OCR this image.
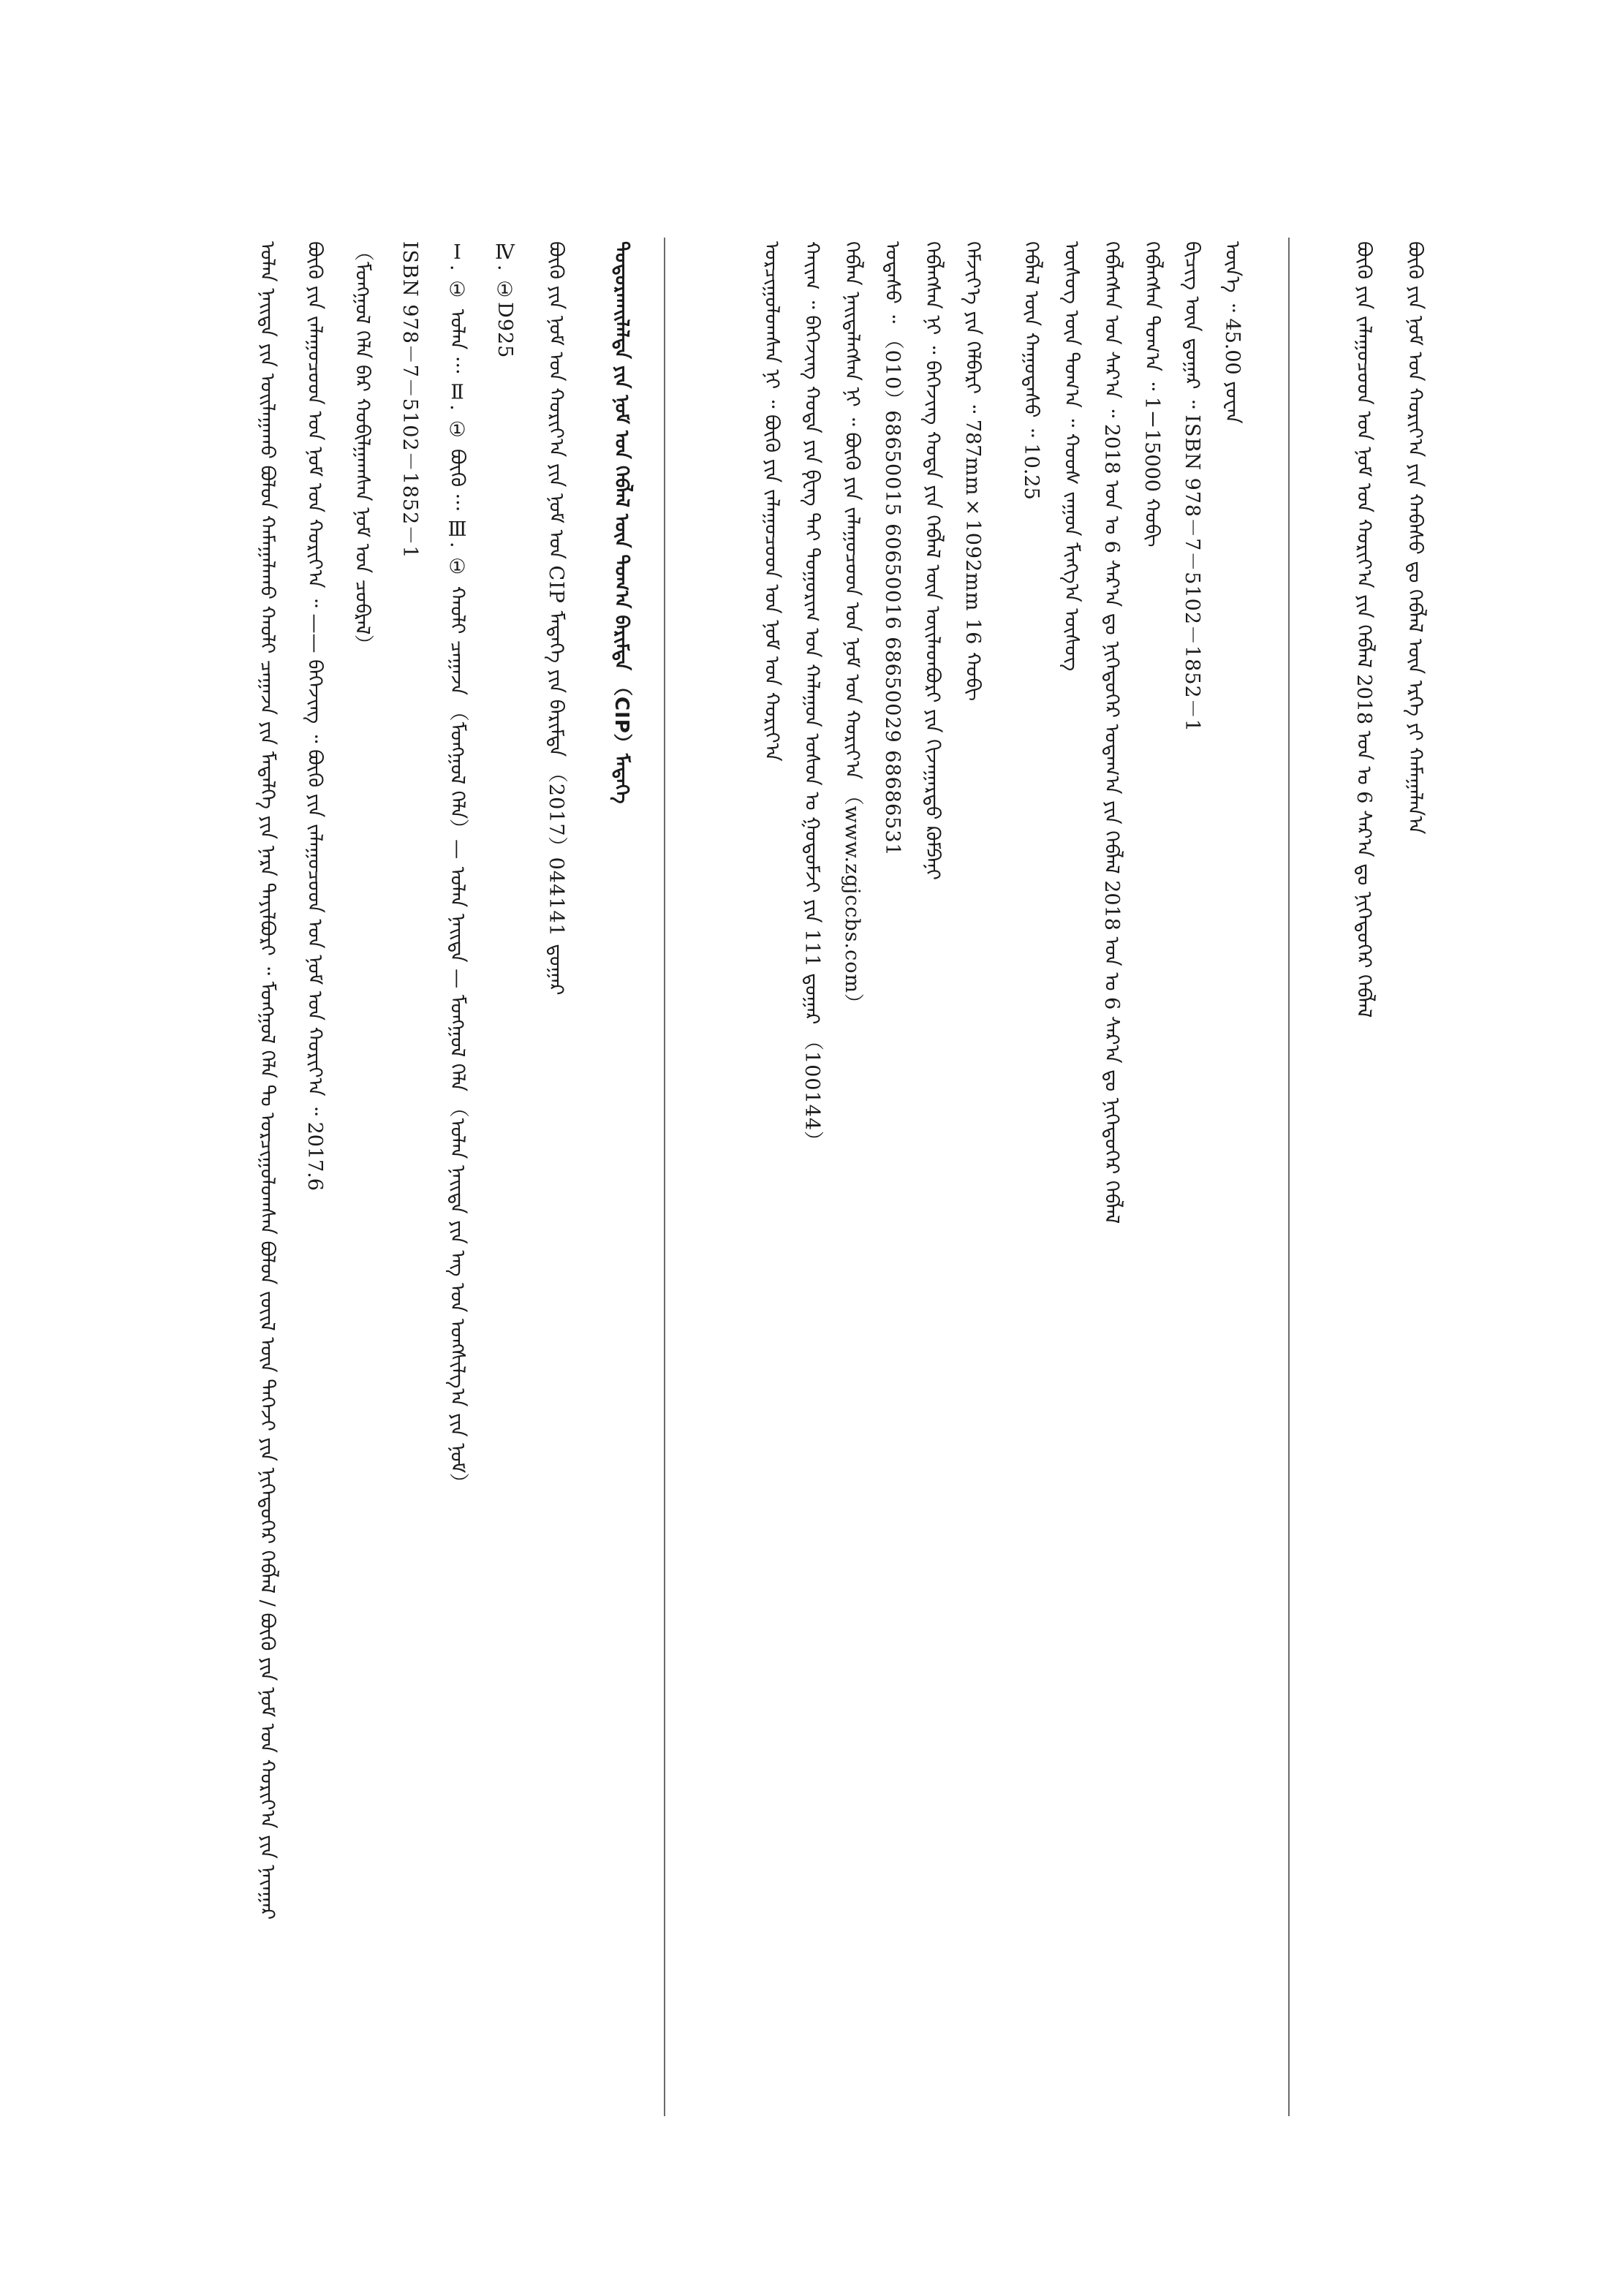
ᠪᠦᠬᠦ ᠶᠢᠨ ᠨᠣᠮ ᠤᠨ ᠬᠣᠷᠢᠶ᠎ᠠ ᠶᠢᠨ ᠬᠠᠪᠠᠰᠤ ᠳᠤ ᠬᠡᠪᠯᠡᠯ ᠦᠨ ᠡᠷᠬᠡ ᠶᠢ ᠬᠠᠮᠠᠭᠠᠯᠠᠨ᠎ᠠ
ᠪᠦᠬᠦ ᠶᠢᠨ ᠵᠠᠯᠠᠭᠤᠴᠤᠳ ᠤᠨ ᠨᠣᠮ ᠤᠨ ᠬᠣᠷᠢᠶ᠎ᠠ ᠶᠢᠨ ᠬᠡᠪᠯᠡᠯ 2018 ᠣᠨ ᠤ 6 ᠰᠠᠷ᠎ᠠ ᠳᠤ ᠨᠢᠭᠡᠳᠦᠭᠡᠷ ᠬᠡᠪᠯᠡᠯ
ᠦᠨ᠎ᠡ ᠃ 45.00 ᠶᠤᠸᠠᠨ
ᠪᠢᠴᠢᠭ ᠦᠨ ᠳ᠋ᠤᠭᠠᠷ ᠃ ISBN 978－7－5102－1852－1
ᠬᠡᠪᠯᠡᠭᠰᠡᠨ ᠲᠣᠭ᠎ᠠ ᠃ 1－15000 ᠬᠤᠪᠢ
ᠬᠡᠪᠯᠡᠭᠰᠡᠨ ᠣᠨ ᠰᠠᠷ᠎ᠠ ᠃ 2018 ᠣᠨ ᠤ 6 ᠰᠠᠷ᠎ᠠ ᠳᠤ ᠨᠢᠭᠡᠳᠦᠭᠡᠷ ᠤᠳᠠᠭ᠎ᠠ ᠶᠢᠨ ᠬᠡᠪᠯᠡᠯ 2018 ᠣᠨ ᠤ 6 ᠰᠠᠷ᠎ᠠ ᠳᠤ ᠨᠢᠭᠡᠳᠦᠭᠡᠷ ᠬᠡᠪᠯᠡᠯ
ᠦᠰᠦᠭ ᠦᠨ ᠲᠣᠭ᠎ᠠ ᠃ ᠬᠣᠣᠰ ᠵᠠᠭᠤᠨ ᠮᠢᠩᠭ᠎ᠠ ᠦᠰᠦᠭ
ᠬᠡᠪᠯᠡᠯ ᠦᠨ ᠬᠠᠭᠤᠳᠠᠰᠤ ᠃ 10.25
ᠬᠡᠮᠵᠢᠶ᠎ᠡ ᠶᠢᠨ ᠬᠡᠯᠪᠡᠷᠢ ᠃ 787mm×1092mm 16 ᠬᠤᠪᠢ
ᠬᠡᠪᠯᠡᠭᠰᠡᠨ ᠨᠢ ᠃ ᠪᠡᠭᠡᠵᠢᠩ ᠬᠣᠲᠠ ᠶᠢᠨ ᠬᠡᠪᠯᠡᠯ ᠦᠨ ᠦᠢᠯᠡᠳᠪᠦᠷᠢ ᠶᠢᠨ ᠬᠢᠵᠠᠭᠠᠷᠲᠤ ᠺᠣᠮᠫᠠᠨᠢ
ᠤᠲᠠᠰᠤ ᠃ （010）68650015 60650016 68650029 68686531
ᠬᠡᠪᠯᠡᠨ ᠨᠡᠢᠲᠡᠯᠡᠭᠰᠡᠨ ᠨᠢ ᠃ ᠪᠦᠬᠦ ᠶᠢᠨ ᠵᠠᠯᠠᠭᠤᠴᠤᠳ ᠤᠨ ᠨᠣᠮ ᠤᠨ ᠬᠣᠷᠢᠶ᠎ᠠ （www.zgjccbs.com）
ᠬᠠᠶ᠋ᠢᠭ ᠃ ᠪᠡᠭᠡᠵᠢᠩ ᠬᠣᠲᠠ ᠶᠢᠨ ᠹᠧᠩ ᠲᠠᠶ ᠲᠣᠭᠣᠷᠢᠭ ᠤᠨ ᠬᠠᠯᠠᠭᠤᠨ ᠤᠰᠤᠨ ᠤ ᠭᠤᠳᠤᠮᠵᠢ ᠶᠢᠨ 111 ᠳ᠋ᠤᠭᠠᠷ （100144）
ᠣᠷᠴᠢᠭᠤᠯᠤᠭᠰᠠᠨ ᠨᠢ ᠃ ᠪᠦᠬᠦ ᠶᠢᠨ ᠵᠠᠯᠠᠭᠤᠴᠤᠳ ᠤᠨ ᠨᠣᠮ ᠤᠨ ᠬᠣᠷᠢᠶ᠎ᠠ
ᠲᠣᠳᠣᠷᠬᠠᠢᠯᠠᠯᠲᠠ ᠶᠢᠨ ᠨᠣᠮ ᠤᠨ ᠬᠡᠪᠯᠡᠯ ᠦᠨ ᠲᠣᠭ᠎ᠠ ᠪᠠᠷᠢᠮᠲᠠ （CIP）ᠮᠡᠳᠡᠭᠡ
ᠪᠦᠬᠦ ᠶᠢᠨ ᠨᠣᠮ ᠤᠨ ᠬᠣᠷᠢᠶ᠎ᠠ ᠶᠢᠨ ᠨᠣᠮ ᠤᠨ CIP ᠮᠡᠳᠡᠭᠡ ᠶᠢᠨ ᠪᠠᠷᠢᠮᠲᠠ （2017）044141 ᠳ᠋ᠤᠭᠠᠷ
Ⅳ. ①D925
Ⅰ. ① ᠣᠯᠠᠨ ··· Ⅱ. ① ᠪᠦᠬᠦ ··· Ⅲ. ① ᠬᠠᠤᠯᠢ ᠴᠠᠭᠠᠵᠠ （ᠮᠣᠩᠭᠣᠯ ᠬᠡᠯᠡ）— ᠣᠯᠠᠨ ᠨᠡᠢᠲᠡ — ᠮᠣᠩᠭᠣᠯ ᠬᠡᠯᠡ （ᠣᠯᠠᠨ ᠨᠡᠢᠲᠡ ᠶᠢᠨ ᠡᠩ ᠤᠨ ᠤᠩᠰᠢᠯᠭ᠎ᠠ ᠶᠢᠨ ᠨᠣᠮ）
ISBN 978－7－5102－1852－1
（ᠮᠣᠩᠭᠣᠯ ᠬᠡᠯᠡ ᠪᠡᠷ ᠬᠤᠪᠢᠯᠭᠠᠭᠰᠠᠨ ᠨᠣᠮ ᠤᠨ ᠴᠤᠪᠷᠠᠯ）
ᠪᠦᠬᠦ ᠶᠢᠨ ᠵᠠᠯᠠᠭᠤᠴᠤᠳ ᠤᠨ ᠨᠣᠮ ᠤᠨ ᠬᠣᠷᠢᠶ᠎ᠠ ᠃ —— ᠪᠡᠭᠡᠵᠢᠩ ᠃ ᠪᠦᠬᠦ ᠶᠢᠨ ᠵᠠᠯᠠᠭᠤᠴᠤᠳ ᠤᠨ ᠨᠣᠮ ᠤᠨ ᠬᠣᠷᠢᠶ᠎ᠠ ᠃ 2017.6
ᠣᠯᠠᠨ ᠨᠡᠢᠲᠡ ᠶᠢᠨ ᠣᠢᠯᠠᠭᠠᠬᠤ ᠪᠤᠯᠤᠨ ᠬᠠᠮᠠᠭᠠᠯᠠᠬᠤ ᠬᠠᠤᠯᠢ ᠴᠠᠭᠠᠵᠠ ᠶᠢᠨ ᠮᠡᠳᠡᠯᠭᠡ ᠶᠢᠨ ᠨᠡᠷᠡ ᠲᠠᠶᠢᠯᠪᠤᠷᠢ ᠃ ᠮᠣᠩᠭᠣᠯ ᠬᠡᠯᠡ ᠲᠤ ᠣᠷᠴᠢᠭᠤᠯᠤᠭᠰᠠᠨ ᠪᠤᠯᠤᠨ ᠵᠦᠢᠯ ᠦᠨ ᠳᠡᠭᠡᠵᠢ ᠶᠢᠨ ᠨᠢᠭᠡᠳᠦᠭᠡᠷ ᠬᠡᠪᠯᠡᠯ / ᠪᠦᠬᠦ ᠶᠢᠨ ᠨᠣᠮ ᠤᠨ ᠬᠣᠷᠢᠶ᠎ᠠ ᠶᠢᠨ ᠨᠠᠶ᠋ᠠᠭᠠᠷ
